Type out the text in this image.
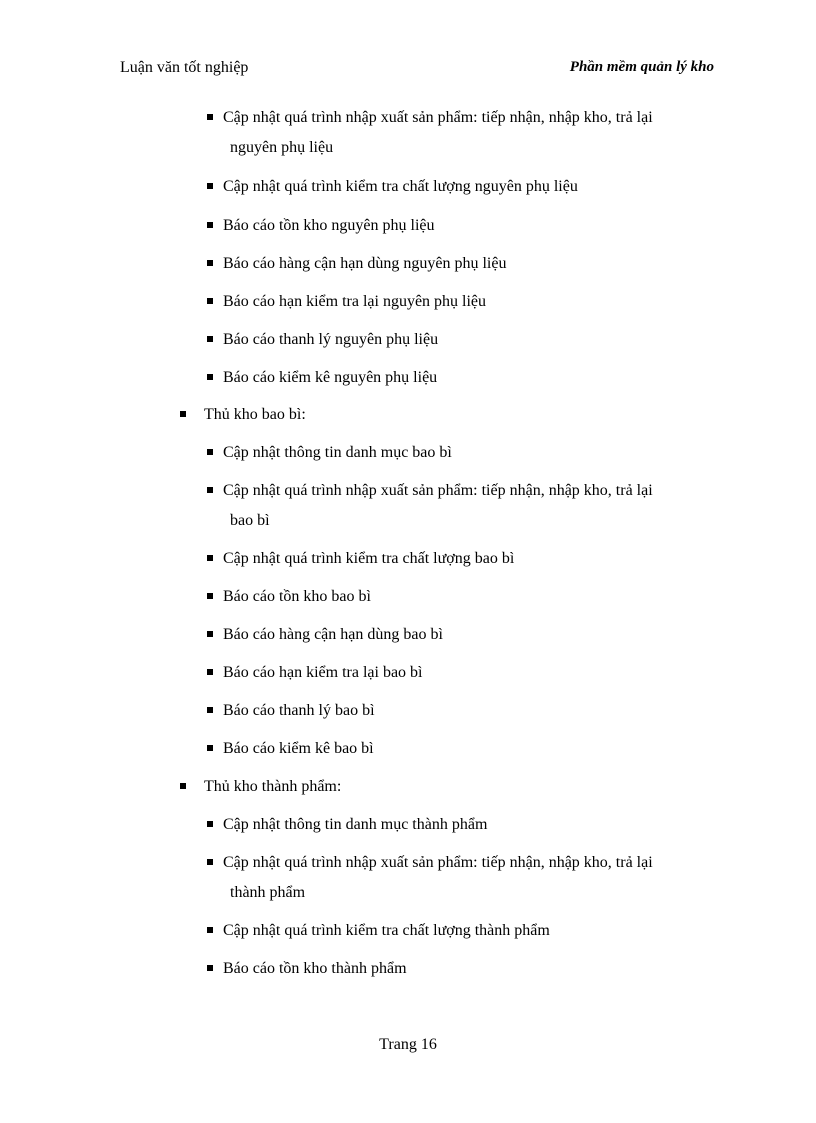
Luận văn tốt nghiệp	Phần mềm quản lý kho
Cập nhật quá trình nhập xuất sản phẩm: tiếp nhận, nhập kho, trả lại
nguyên phụ liệu
Cập nhật quá trình kiểm tra chất lượng nguyên phụ liệu
Báo cáo tồn kho nguyên phụ liệu
Báo cáo hàng cận hạn dùng nguyên phụ liệu
Báo cáo hạn kiểm tra lại nguyên phụ liệu
Báo cáo thanh lý nguyên phụ liệu
Báo cáo kiểm kê nguyên phụ liệu
Thủ kho bao bì:
Cập nhật thông tin danh mục bao bì
Cập nhật quá trình nhập xuất sản phẩm: tiếp nhận, nhập kho, trả lại
bao bì
Cập nhật quá trình kiểm tra chất lượng bao bì
Báo cáo tồn kho bao bì
Báo cáo hàng cận hạn dùng bao bì
Báo cáo hạn kiểm tra lại bao bì
Báo cáo thanh lý bao bì
Báo cáo kiểm kê bao bì
Thủ kho thành phẩm:
Cập nhật thông tin danh mục thành phẩm
Cập nhật quá trình nhập xuất sản phẩm: tiếp nhận, nhập kho, trả lại
thành phẩm
Cập nhật quá trình kiểm tra chất lượng thành phẩm
Báo cáo tồn kho thành phẩm
Trang 16
